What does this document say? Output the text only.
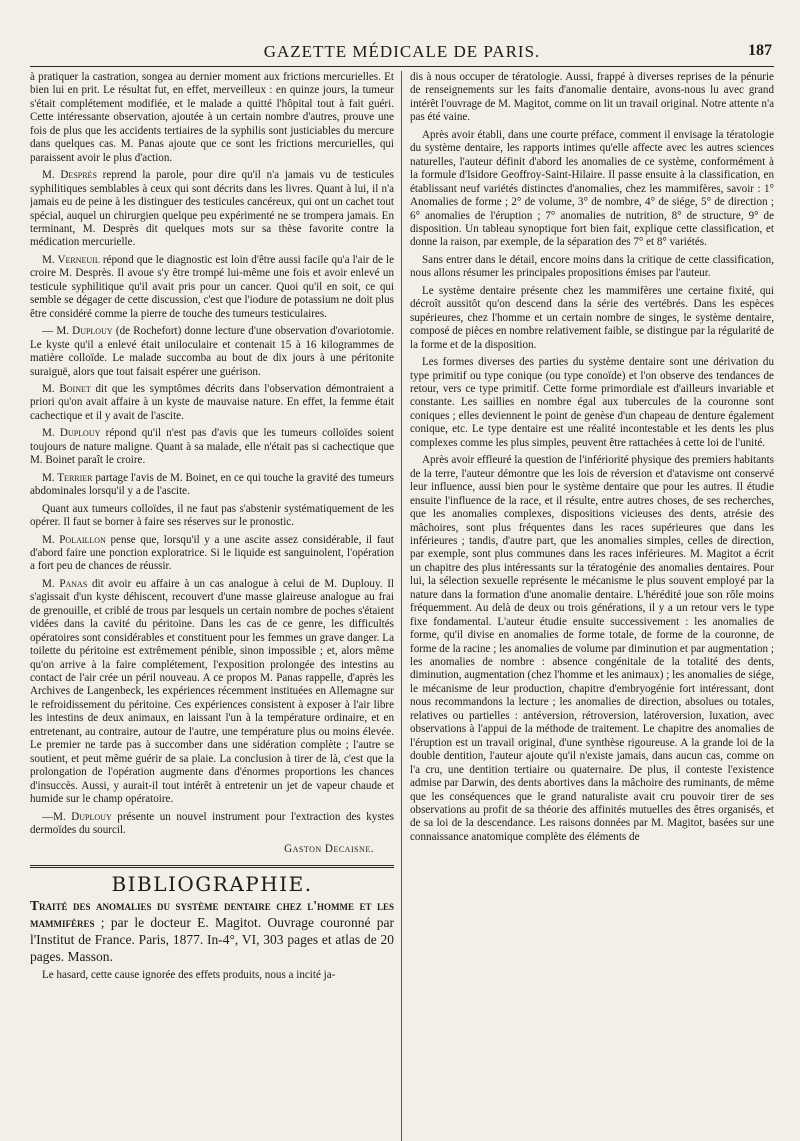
GAZETTE MÉDICALE DE PARIS.	187

à pratiquer la castration, songea au dernier moment aux frictions mercurielles. Et bien lui en prit. Le résultat fut, en effet, merveilleux : en quinze jours, la tumeur s'était complétement modifiée, et le malade a quitté l'hôpital tout à fait guéri. Cette intéressante observation, ajoutée à un certain nombre d'autres, prouve une fois de plus que les accidents tertiaires de la syphilis sont justiciables du mercure dans quelques cas. M. Panas ajoute que ce sont les frictions mercurielles, qui paraissent avoir le plus d'action.

M. Desprès reprend la parole, pour dire qu'il n'a jamais vu de testicules syphilitiques semblables à ceux qui sont décrits dans les livres. Quant à lui, il n'a jamais eu de peine à les distinguer des testicules cancéreux, qui ont un cachet tout spécial, auquel un chirurgien quelque peu expérimenté ne se trompera jamais. En terminant, M. Desprès dit quelques mots sur sa thèse favorite contre la médication mercurielle.

M. Verneuil répond que le diagnostic est loin d'être aussi facile qu'a l'air de le croire M. Desprès. Il avoue s'y être trompé lui-même une fois et avoir enlevé un testicule syphilitique qu'il avait pris pour un cancer. Quoi qu'il en soit, ce qui semble se dégager de cette discussion, c'est que l'iodure de potassium ne doit plus être considéré comme la pierre de touche des tumeurs testiculaires.

— M. Duplouy (de Rochefort) donne lecture d'une observation d'ovariotomie. Le kyste qu'il a enlevé était uniloculaire et contenait 15 à 16 kilogrammes de matière colloïde. Le malade succomba au bout de dix jours à une péritonite suraiguë, alors que tout faisait espérer une guérison.

M. Boinet dit que les symptômes décrits dans l'observation démontraient a priori qu'on avait affaire à un kyste de mauvaise nature. En effet, la femme était cachectique et il y avait de l'ascite.

M. Duplouy répond qu'il n'est pas d'avis que les tumeurs colloïdes soient toujours de nature maligne. Quant à sa malade, elle n'était pas si cachectique que M. Boinet paraît le croire.

M. Terrier partage l'avis de M. Boinet, en ce qui touche la gravité des tumeurs abdominales lorsqu'il y a de l'ascite.

Quant aux tumeurs colloïdes, il ne faut pas s'abstenir systématiquement de les opérer. Il faut se borner à faire ses réserves sur le pronostic.

M. Polaillon pense que, lorsqu'il y a une ascite assez considérable, il faut d'abord faire une ponction exploratrice. Si le liquide est sanguinolent, l'opération a fort peu de chances de réussir.

M. Panas dit avoir eu affaire à un cas analogue à celui de M. Duplouy. Il s'agissait d'un kyste déhiscent, recouvert d'une masse glaireuse analogue au frai de grenouille, et criblé de trous par lesquels un certain nombre de poches s'étaient vidées dans la cavité du péritoine. Dans les cas de ce genre, les difficultés opératoires sont considérables et constituent pour les femmes un grave danger. La toilette du péritoine est extrêmement pénible, sinon impossible ; et, alors même qu'on arrive à la faire complétement, l'exposition prolongée des intestins au contact de l'air crée un péril nouveau. A ce propos M. Panas rappelle, d'après les Archives de Langenbeck, les expériences récemment instituées en Allemagne sur le refroidissement du péritoine. Ces expériences consistent à exposer à l'air libre les intestins de deux animaux, en laissant l'un à la température ordinaire, et en entretenant, au contraire, autour de l'autre, une température plus ou moins élevée. Le premier ne tarde pas à succomber dans une sidération complète ; l'autre se soutient, et peut même guérir de sa plaie. La conclusion à tirer de là, c'est que la prolongation de l'opération augmente dans d'énormes proportions les chances d'insuccès. Aussi, y aurait-il tout intérêt à entretenir un jet de vapeur chaude et humide sur le champ opératoire.

—M. Duplouy présente un nouvel instrument pour l'extraction des kystes dermoïdes du sourcil.

Gaston Decaisne.
BIBLIOGRAPHIE.

Traité des anomalies du système dentaire chez l'homme et les mammifères ; par le docteur E. Magitot. Ouvrage couronné par l'Institut de France. Paris, 1877. In-4°, VI, 303 pages et atlas de 20 pages. Masson.

Le hasard, cette cause ignorée des effets produits, nous a incité ja-

dis à nous occuper de tératologie. Aussi, frappé à diverses reprises de la pénurie de renseignements sur les faits d'anomalie dentaire, avons-nous lu avec grand intérêt l'ouvrage de M. Magitot, comme on lit un travail original. Notre attente n'a pas été vaine.

Après avoir établi, dans une courte préface, comment il envisage la tératologie du système dentaire, les rapports intimes qu'elle affecte avec les autres sciences naturelles, l'auteur définit d'abord les anomalies de ce système, conformément à la formule d'Isidore Geoffroy-Saint-Hilaire. Il passe ensuite à la classification, en établissant neuf variétés distinctes d'anomalies, chez les mammifères, savoir : 1° Anomalies de forme ; 2° de volume, 3° de nombre, 4° de siége, 5° de direction ; 6° anomalies de l'éruption ; 7° anomalies de nutrition, 8° de structure, 9° de disposition. Un tableau synoptique fort bien fait, explique cette classification, et donne la raison, par exemple, de la séparation des 7° et 8° variétés.

Sans entrer dans le détail, encore moins dans la critique de cette classification, nous allons résumer les principales propositions émises par l'auteur.

Le système dentaire présente chez les mammifères une certaine fixité, qui décroît aussitôt qu'on descend dans la série des vertébrés. Dans les espèces supérieures, chez l'homme et un certain nombre de singes, le système dentaire, composé de pièces en nombre relativement faible, se distingue par la régularité de la forme et de la disposition.

Les formes diverses des parties du système dentaire sont une dérivation du type primitif ou type conique (ou type conoïde) et l'on observe des tendances de retour, vers ce type primitif. Cette forme primordiale est d'ailleurs invariable et constante. Les saillies en nombre égal aux tubercules de la couronne sont coniques ; elles deviennent le point de genèse d'un chapeau de denture également conique, etc. Le type dentaire est une réalité incontestable et les dents les plus complexes comme les plus simples, peuvent être rattachées à cette loi de l'unité.

Après avoir effleuré la question de l'infériorité physique des premiers habitants de la terre, l'auteur démontre que les lois de réversion et d'atavisme ont conservé leur influence, aussi bien pour le système dentaire que pour les autres. Il étudie ensuite l'influence de la race, et il résulte, entre autres choses, de ses recherches, que les anomalies complexes, dispositions vicieuses des dents, atrésie des mâchoires, sont plus fréquentes dans les races supérieures que dans les inférieures ; tandis, d'autre part, que les anomalies simples, celles de direction, par exemple, sont plus communes dans les races inférieures. M. Magitot a écrit un chapitre des plus intéressants sur la tératogénie des anomalies dentaires. Pour lui, la sélection sexuelle représente le mécanisme le plus souvent employé par la nature dans la formation d'une anomalie dentaire. L'hérédité joue son rôle moins fréquemment. Au delà de deux ou trois générations, il y a un retour vers le type fixe fondamental. L'auteur étudie ensuite successivement : les anomalies de forme, qu'il divise en anomalies de forme totale, de forme de la couronne, de forme de la racine ; les anomalies de volume par diminution et par augmentation ; les anomalies de nombre : absence congénitale de la totalité des dents, diminution, augmentation (chez l'homme et les animaux) ; les anomalies de siége, le mécanisme de leur production, chapitre d'embryogénie fort intéressant, dont nous recommandons la lecture ; les anomalies de direction, absolues ou totales, relatives ou partielles : antéversion, rétroversion, latéroversion, luxation, avec observations à l'appui de la méthode de traitement. Le chapitre des anomalies de l'éruption est un travail original, d'une synthèse rigoureuse. A la grande loi de la double dentition, l'auteur ajoute qu'il n'existe jamais, dans aucun cas, comme on l'a cru, une dentition tertiaire ou quaternaire. De plus, il conteste l'existence admise par Darwin, des dents abortives dans la mâchoire des ruminants, de même que les conséquences que le grand naturaliste avait cru pouvoir tirer de ses observations au profit de sa théorie des affinités mutuelles des êtres organisés, et de sa loi de la descendance. Les raisons données par M. Magitot, basées sur une connaissance anatomique complète des éléments de
